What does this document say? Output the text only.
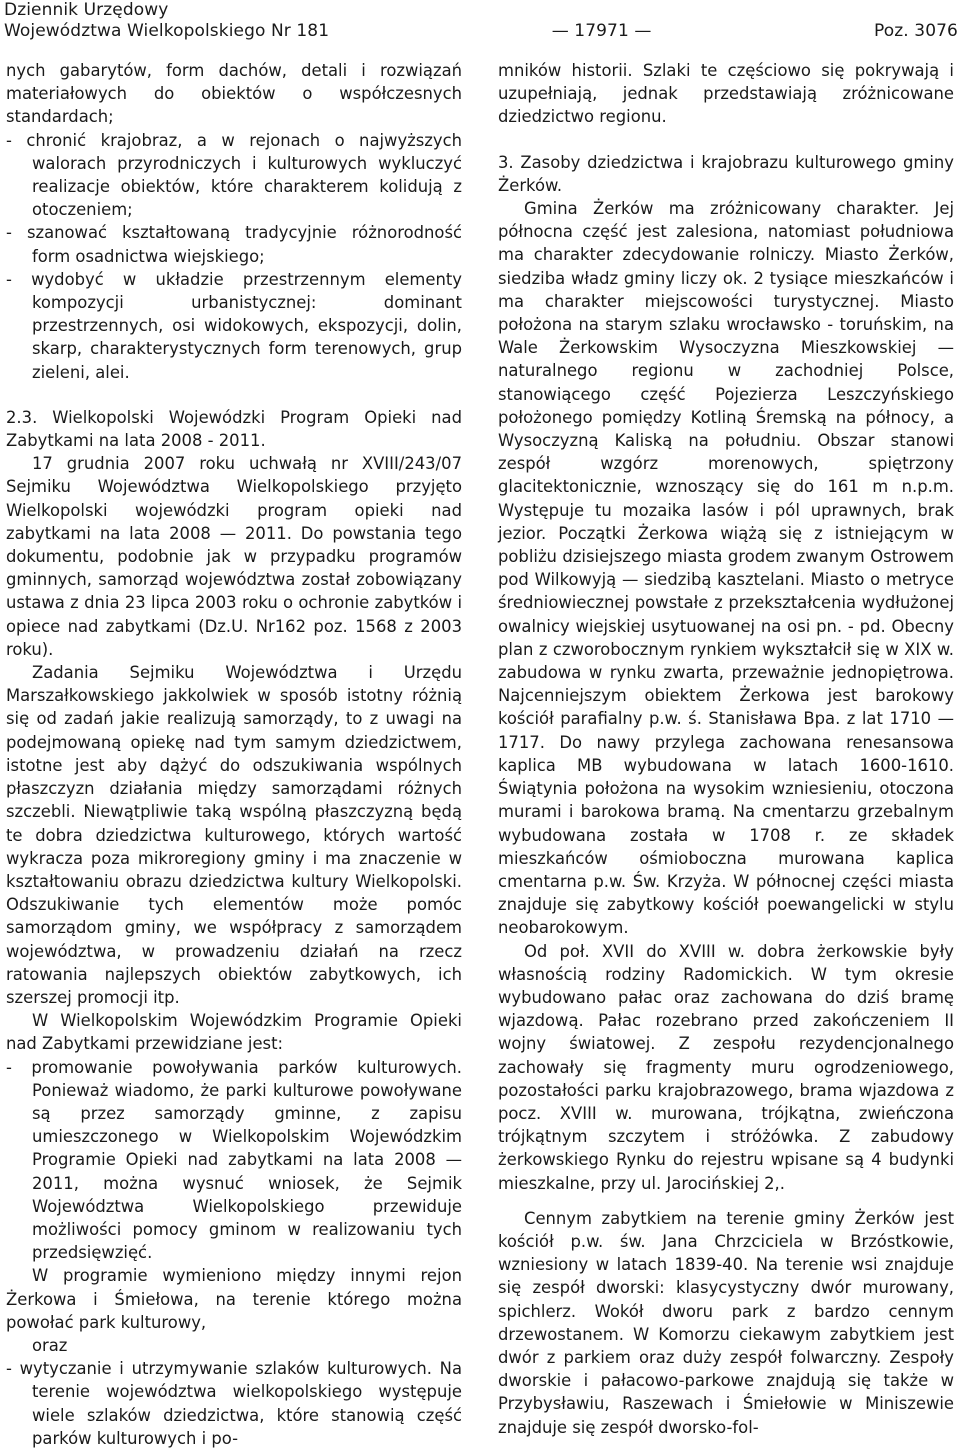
Dziennik Urzędowy
Województwa Wielkopolskiego Nr 181	— 17971 —	Poz. 3076

nych gabarytów, form dachów, detali i rozwiązań materiałowych do obiektów o współczesnych standardach;

- chronić krajobraz, a w rejonach o najwyższych walorach przyrodniczych i kulturowych wykluczyć realizacje obiektów, które charakterem kolidują z otoczeniem;

- szanować kształtowaną tradycyjnie różnorodność form osadnictwa wiejskiego;

- wydobyć w układzie przestrzennym elementy kompozycji urbanistycznej: dominant przestrzennych, osi widokowych, ekspozycji, dolin, skarp, charakterystycznych form terenowych, grup zieleni, alei.

2.3. Wielkopolski Wojewódzki Program Opieki nad Zabytkami na lata 2008 - 2011.

17 grudnia 2007 roku uchwałą nr XVIII/243/07 Sejmiku Województwa Wielkopolskiego przyjęto Wielkopolski wojewódzki program opieki nad zabytkami na lata 2008 — 2011. Do powstania tego dokumentu, podobnie jak w przypadku programów gminnych, samorząd województwa został zobowiązany ustawa z dnia 23 lipca 2003 roku o ochronie zabytków i opiece nad zabytkami (Dz.U. Nr162 poz. 1568 z 2003 roku).

Zadania Sejmiku Województwa i Urzędu Marszałkowskiego jakkolwiek w sposób istotny różnią się od zadań jakie realizują samorządy, to z uwagi na podejmowaną opiekę nad tym samym dziedzictwem, istotne jest aby dążyć do odszukiwania wspólnych płaszczyzn działania między samorządami różnych szczebli. Niewątpliwie taką wspólną płaszczyzną będą te dobra dziedzictwa kulturowego, których wartość wykracza poza mikroregiony gminy i ma znaczenie w kształtowaniu obrazu dziedzictwa kultury Wielkopolski. Odszukiwanie tych elementów może pomóc samorządom gminy, we współpracy z samorządem województwa, w prowadzeniu działań na rzecz ratowania najlepszych obiektów zabytkowych, ich szerszej promocji itp.

W Wielkopolskim Wojewódzkim Programie Opieki nad Zabytkami przewidziane jest:

- promowanie powoływania parków kulturowych. Ponieważ wiadomo, że parki kulturowe powoływane są przez samorządy gminne, z zapisu umieszczonego w Wielkopolskim Wojewódzkim Programie Opieki nad zabytkami na lata 2008 — 2011, można wysnuć wniosek, że Sejmik Województwa Wielkopolskiego przewiduje możliwości pomocy gminom w realizowaniu tych przedsięwzięć.

W programie wymieniono między innymi rejon Żerkowa i Śmiełowa, na terenie którego można powołać park kulturowy,

oraz

- wytyczanie i utrzymywanie szlaków kulturowych. Na terenie województwa wielkopolskiego występuje wiele szlaków dziedzictwa, które stanowią część parków kulturowych i po-

mników historii. Szlaki te częściowo się pokrywają i uzupełniają, jednak przedstawiają zróżnicowane dziedzictwo regionu.

3. Zasoby dziedzictwa i krajobrazu kulturowego gminy Żerków.

Gmina Żerków ma zróżnicowany charakter. Jej północna część jest zalesiona, natomiast południowa ma charakter zdecydowanie rolniczy. Miasto Żerków, siedziba władz gminy liczy ok. 2 tysiące mieszkańców i ma charakter miejscowości turystycznej. Miasto położona na starym szlaku wrocławsko - toruńskim, na Wale Żerkowskim Wysoczyzna Mieszkowskiej — naturalnego regionu w zachodniej Polsce, stanowiącego część Pojezierza Leszczyńskiego położonego pomiędzy Kotliną Śremską na północy, a Wysoczyzną Kaliską na południu. Obszar stanowi zespół wzgórz morenowych, spiętrzony glacitektonicznie, wznoszący się do 161 m n.p.m. Występuje tu mozaika lasów i pól uprawnych, brak jezior. Początki Żerkowa wiążą się z istniejącym w pobliżu dzisiejszego miasta grodem zwanym Ostrowem pod Wilkowyją — siedzibą kasztelani. Miasto o metryce średniowiecznej powstałe z przekształcenia wydłużonej owalnicy wiejskiej usytuowanej na osi pn. - pd. Obecny plan z czworobocznym rynkiem wykształcił się w XIX w. zabudowa w rynku zwarta, przeważnie jednopiętrowa. Najcenniejszym obiektem Żerkowa jest barokowy kościół parafialny p.w. ś. Stanisława Bpa. z lat 1710 — 1717. Do nawy przylega zachowana renesansowa kaplica MB wybudowana w latach 1600-1610. Świątynia położona na wysokim wzniesieniu, otoczona murami i barokowa bramą. Na cmentarzu grzebalnym wybudowana została w 1708 r. ze składek mieszkańców ośmioboczna murowana kaplica cmentarna p.w. Św. Krzyża. W północnej części miasta znajduje się zabytkowy kościół poewangelicki w stylu neobarokowym.

Od poł. XVII do XVIII w. dobra żerkowskie były własnością rodziny Radomickich. W tym okresie wybudowano pałac oraz zachowana do dziś bramę wjazdową. Pałac rozebrano przed zakończeniem II wojny światowej. Z zespołu rezydencjonalnego zachowały się fragmenty muru ogrodzeniowego, pozostałości parku krajobrazowego, brama wjazdowa z pocz. XVIII w. murowana, trójkątna, zwieńczona trójkątnym szczytem i stróżówka. Z zabudowy żerkowskiego Rynku do rejestru wpisane są 4 budynki mieszkalne, przy ul. Jarocińskiej 2,.

Cennym zabytkiem na terenie gminy Żerków jest kościół p.w. św. Jana Chrzciciela w Brzóstkowie, wzniesiony w latach 1839-40. Na terenie wsi znajduje się zespół dworski: klasycystyczny dwór murowany, spichlerz. Wokół dworu park z bardzo cennym drzewostanem. W Komorzu ciekawym zabytkiem jest dwór z parkiem oraz duży zespół folwarczny. Zespoły dworskie i pałacowo-parkowe znajdują się także w Przybysławiu, Raszewach i Śmiełowie w Miniszewie znajduje się zespół dworsko-fol-
